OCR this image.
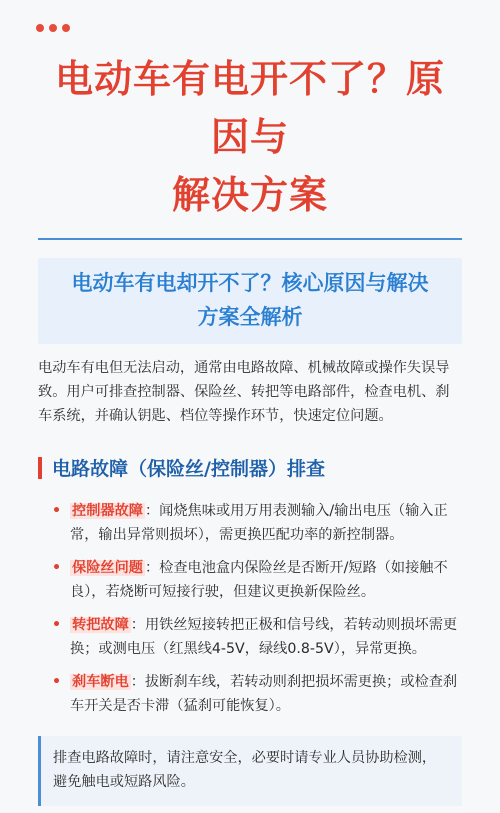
电动车有电开不了？原因与
解决方案
电动车有电却开不了？核心原因与解决
方案全解析

电动车有电但无法启动，通常由电路故障、机械故障或操作失误导致。用户可排查控制器、保险丝、转把等电路部件，检查电机、刹车系统，并确认钥匙、档位等操作环节，快速定位问题。

电路故障（保险丝/控制器）排查
• 控制器故障 ：闻烧焦味或用万用表测输入/输出电压（输入正常，输出异常则损坏），需更换匹配功率的新控制器。
• 保险丝问题 ：检查电池盒内保险丝是否断开/短路（如接触不良），若烧断可短接行驶，但建议更换新保险丝。
• 转把故障 ：用铁丝短接转把正极和信号线，若转动则损坏需更换；或测电压（红黑线4-5V，绿线0.8-5V），异常更换。
• 刹车断电 ：拔断刹车线，若转动则刹把损坏需更换；或检查刹车开关是否卡滞（猛刹可能恢复）。
排查电路故障时，请注意安全，必要时请专业人员协助检测，避免触电或短路风险。
